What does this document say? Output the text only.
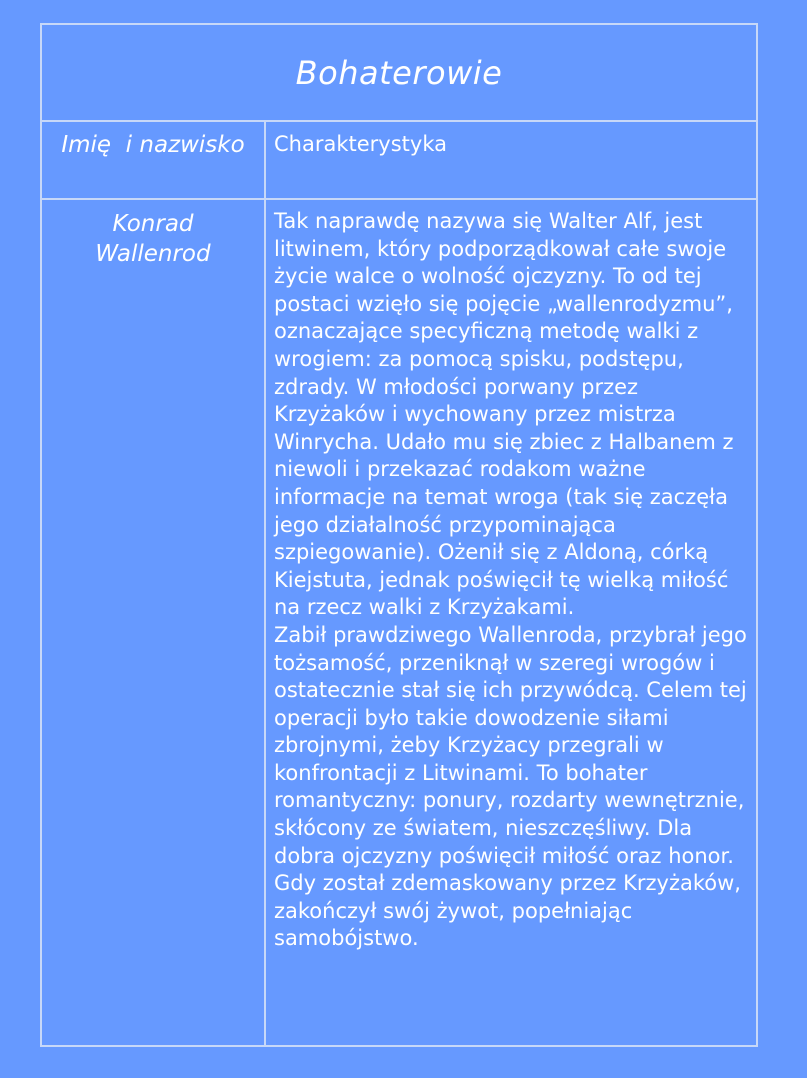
Bohaterowie
Imię  i nazwisko	Charakterystyka
Konrad
Wallenrod

Tak naprawdę nazywa się Walter Alf, jest litwinem, który podporządkował całe swoje życie walce o wolność ojczyzny. To od tej postaci wzięło się pojęcie „wallenrodyzmu”, oznaczające specyficzną metodę walki z wrogiem: za pomocą spisku, podstępu, zdrady. W młodości porwany przez Krzyżaków i wychowany przez mistrza Winrycha. Udało mu się zbiec z Halbanem z niewoli i przekazać rodakom ważne informacje na temat wroga (tak się zaczęła jego działalność przypominająca szpiegowanie). Ożenił się z Aldoną, córką Kiejstuta, jednak poświęcił tę wielką miłość na rzecz walki z Krzyżakami.

Zabił prawdziwego Wallenroda, przybrał jego tożsamość, przeniknął w szeregi wrogów i ostatecznie stał się ich przywódcą. Celem tej operacji było takie dowodzenie siłami zbrojnymi, żeby Krzyżacy przegrali w konfrontacji z Litwinami. To bohater romantyczny: ponury, rozdarty wewnętrznie, skłócony ze światem, nieszczęśliwy. Dla dobra ojczyzny poświęcił miłość oraz honor. Gdy został zdemaskowany przez Krzyżaków, zakończył swój żywot, popełniając samobójstwo.
